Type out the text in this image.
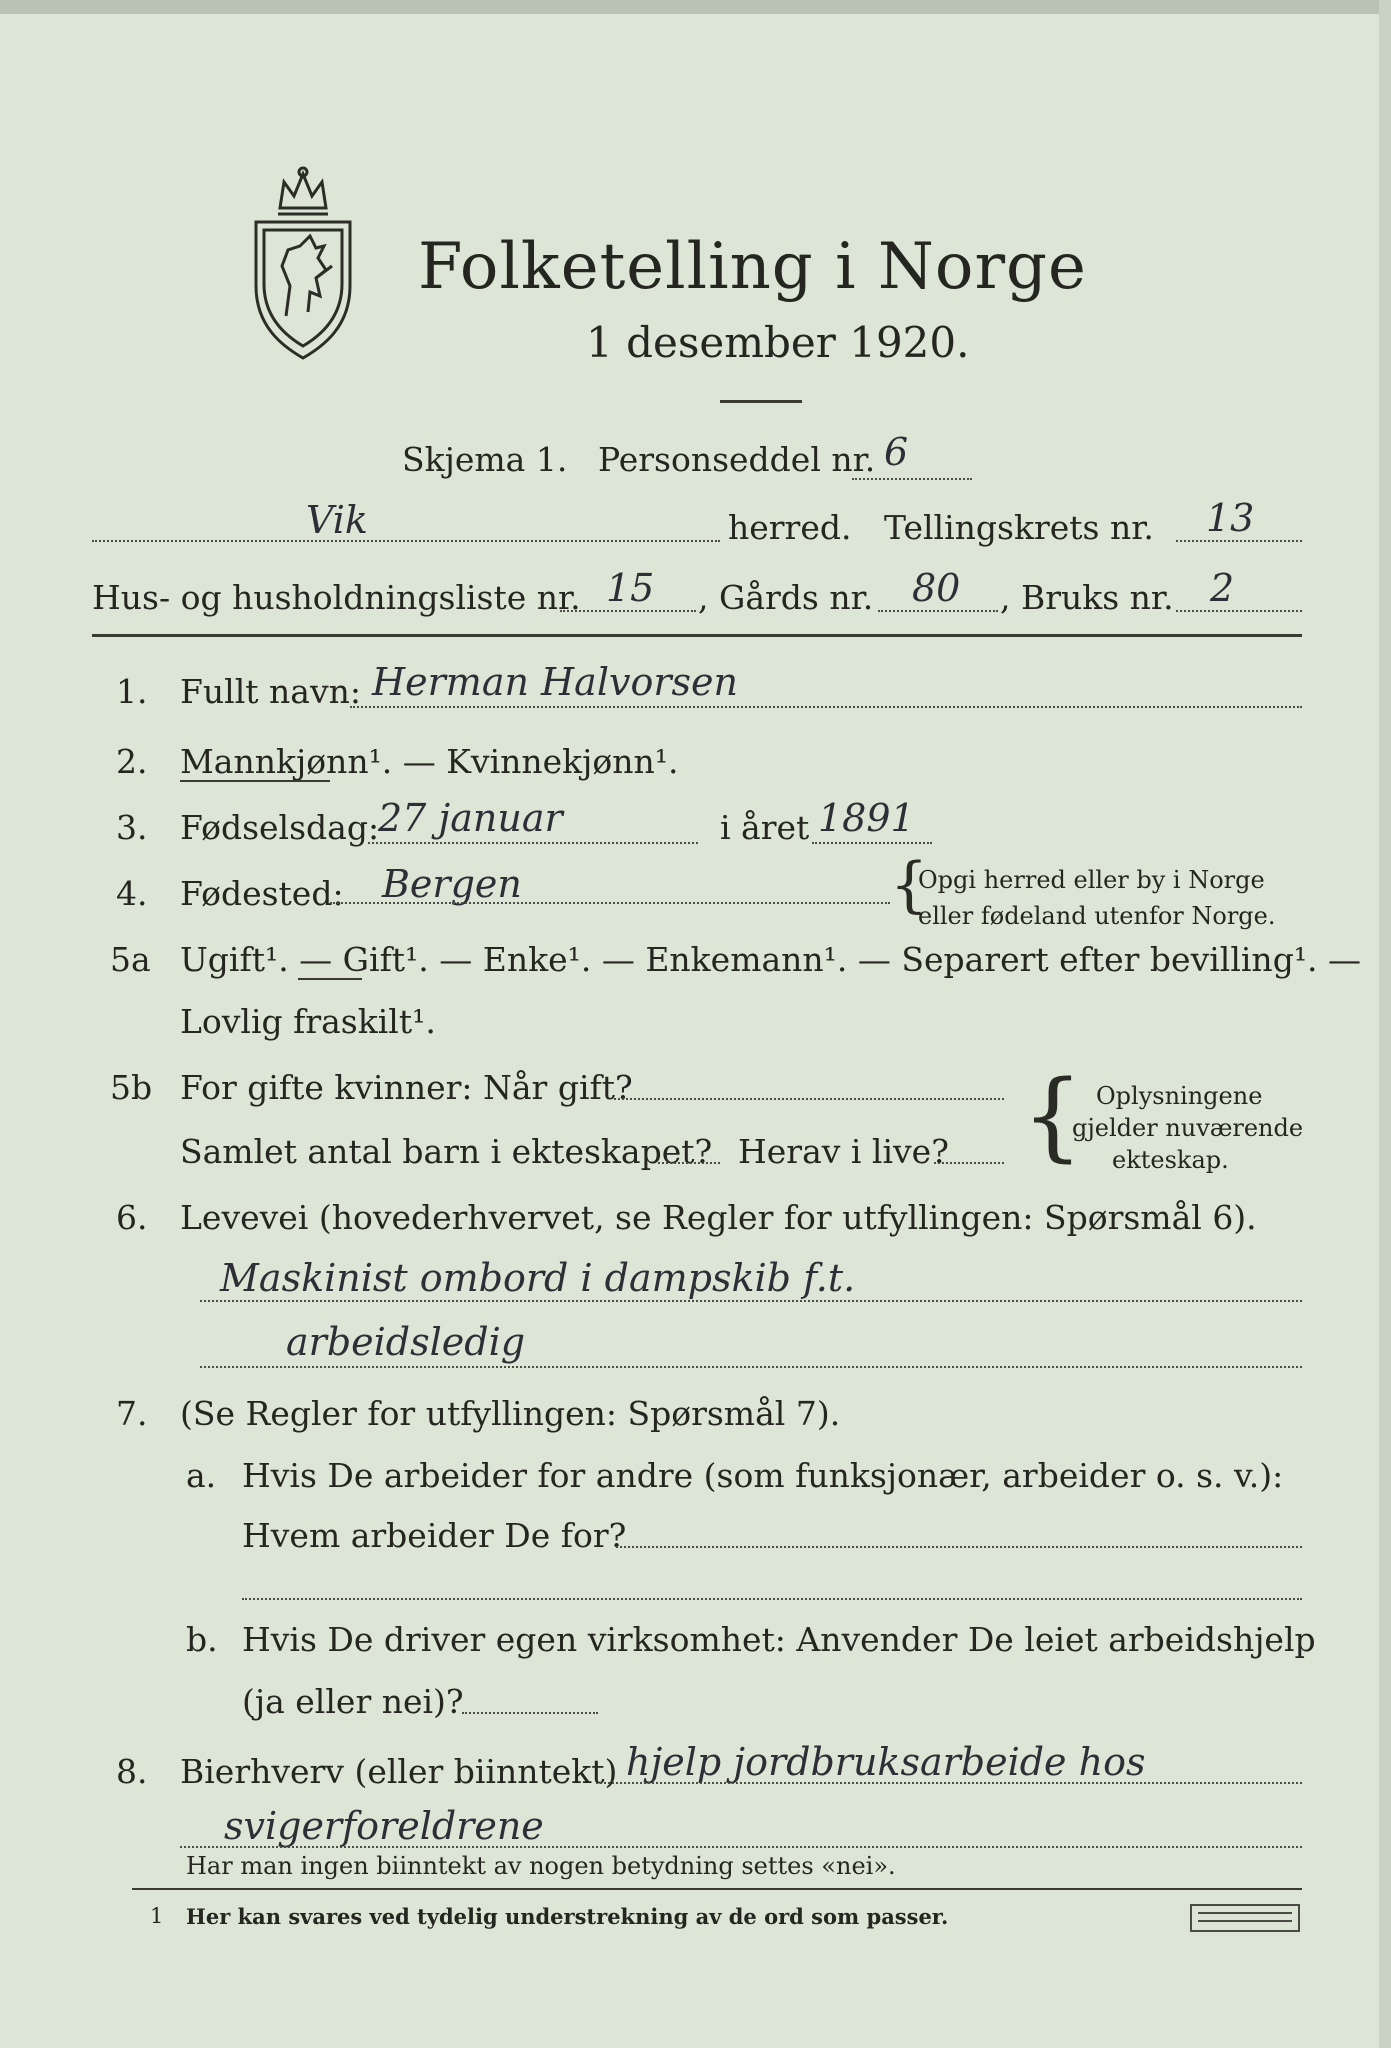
Folketelling i Norge
1 desember 1920.
Skjema 1. Personseddel nr. 6
Vik	herred. Tellingskrets nr. 13
Hus- og husholdningsliste nr. 15 , Gårds nr. 80 , Bruks nr. 2
1. Fullt navn: Herman Halvorsen
2. Mannkjønn¹. — Kvinnekjønn¹.
3. Fødselsdag:
27 januar	i året 1891
4. Fødested: Bergen	{
Opgi herred eller by i Norge
eller fødeland utenfor Norge.
5a Ugift¹. — Gift¹. — Enke¹. — Enkemann¹. — Separert efter bevilling¹. —
Lovlig fraskilt¹.
5b For gifte kvinner: Når gift?
Samlet antal barn i ekteskapet? Herav i live? { Oplysningene
gjelder nuværende
ekteskap.
6. Levevei (hovederhvervet, se Regler for utfyllingen: Spørsmål 6).
Maskinist ombord i dampskib f.t.
arbeidsledig
7. (Se Regler for utfyllingen: Spørsmål 7).
a. Hvis De arbeider for andre (som funksjonær, arbeider o. s. v.):
Hvem arbeider De for?
b. Hvis De driver egen virksomhet: Anvender De leiet arbeidshjelp
(ja eller nei)?
8. Bierhverv (eller biinntekt) hjelp jordbruksarbeide hos
svigerforeldrene
Har man ingen biinntekt av nogen betydning settes «nei».
1 Her kan svares ved tydelig understrekning av de ord som passer.
